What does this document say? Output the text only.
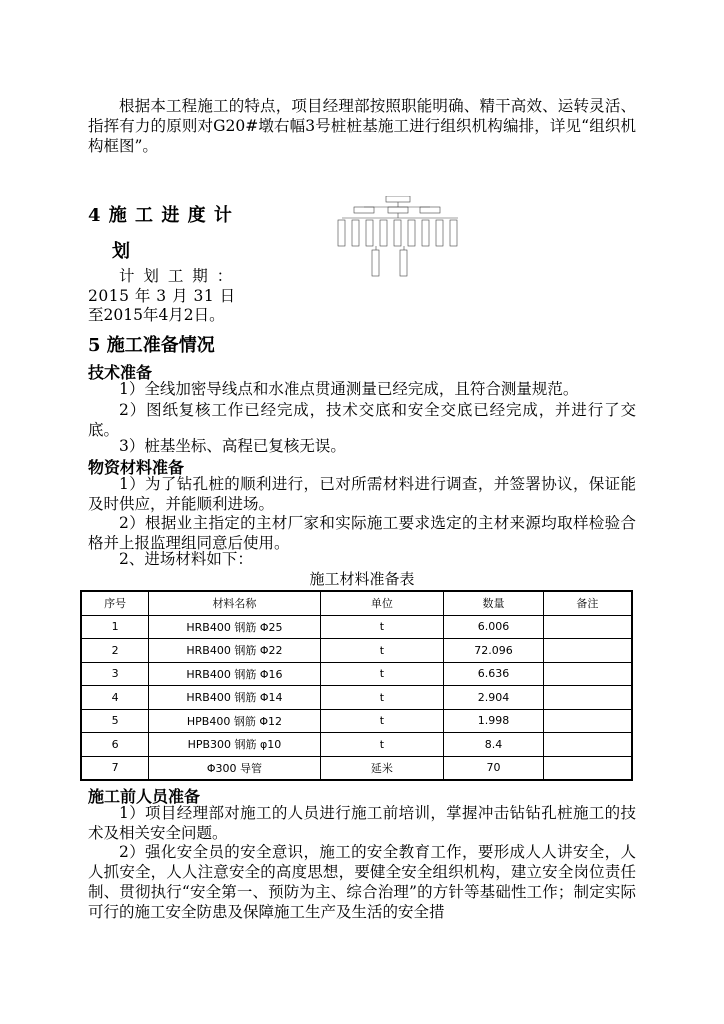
根据本工程施工的特点，项目经理部按照职能明确、精干高效、运转灵活、指挥有力的原则对G20#墩右幅3号桩桩基施工进行组织机构编排，详见“组织机构框图”。

4 施 工 进 度 计

划

计 划 工 期 ：

2015 年 3 月 31 日

至2015年4月2日。

5 施工准备情况

技术准备

1）全线加密导线点和水准点贯通测量已经完成，且符合测量规范。

2）图纸复核工作已经完成，技术交底和安全交底已经完成，并进行了交底。

3）桩基坐标、高程已复核无误。

物资材料准备

1）为了钻孔桩的顺利进行，已对所需材料进行调查，并签署协议，保证能及时供应，并能顺利进场。

2）根据业主指定的主材厂家和实际施工要求选定的主材来源均取样检验合格并上报监理组同意后使用。

2、进场材料如下：

施工材料准备表

序号	材料名称	单位	数量	备注
1	HRB400 钢筋 Φ25	t	6.006	
2	HRB400 钢筋 Φ22	t	72.096	
3	HRB400 钢筋 Φ16	t	6.636	
4	HRB400 钢筋 Φ14	t	2.904	
5	HPB400 钢筋 Φ12	t	1.998	
6	HPB300 钢筋 φ10	t	8.4	
7	Φ300 导管	延米	70	

施工前人员准备

1）项目经理部对施工的人员进行施工前培训，掌握冲击钻钻孔桩施工的技术及相关安全问题。

2）强化安全员的安全意识，施工的安全教育工作，要形成人人讲安全，人人抓安全，人人注意安全的高度思想，要健全安全组织机构，建立安全岗位责任制、贯彻执行“安全第一、预防为主、综合治理”的方针等基础性工作；制定实际可行的施工安全防患及保障施工生产及生活的安全措
